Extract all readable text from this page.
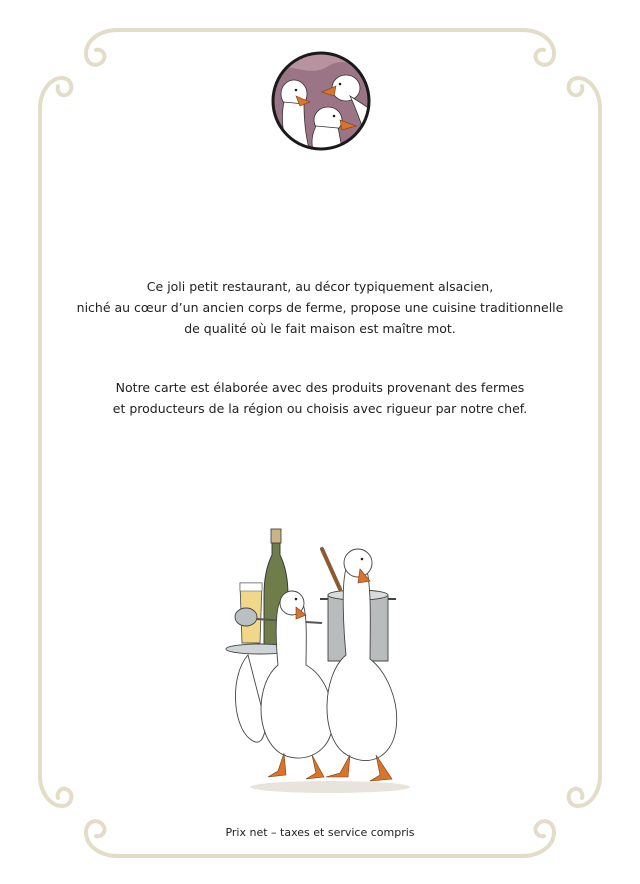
Ce joli petit restaurant, au décor typiquement alsacien,
niché au cœur d’un ancien corps de ferme, propose une cuisine traditionnelle
de qualité où le fait maison est maître mot.

Notre carte est élaborée avec des produits provenant des fermes
et producteurs de la région ou choisis avec rigueur par notre chef.

Prix net – taxes et service compris
